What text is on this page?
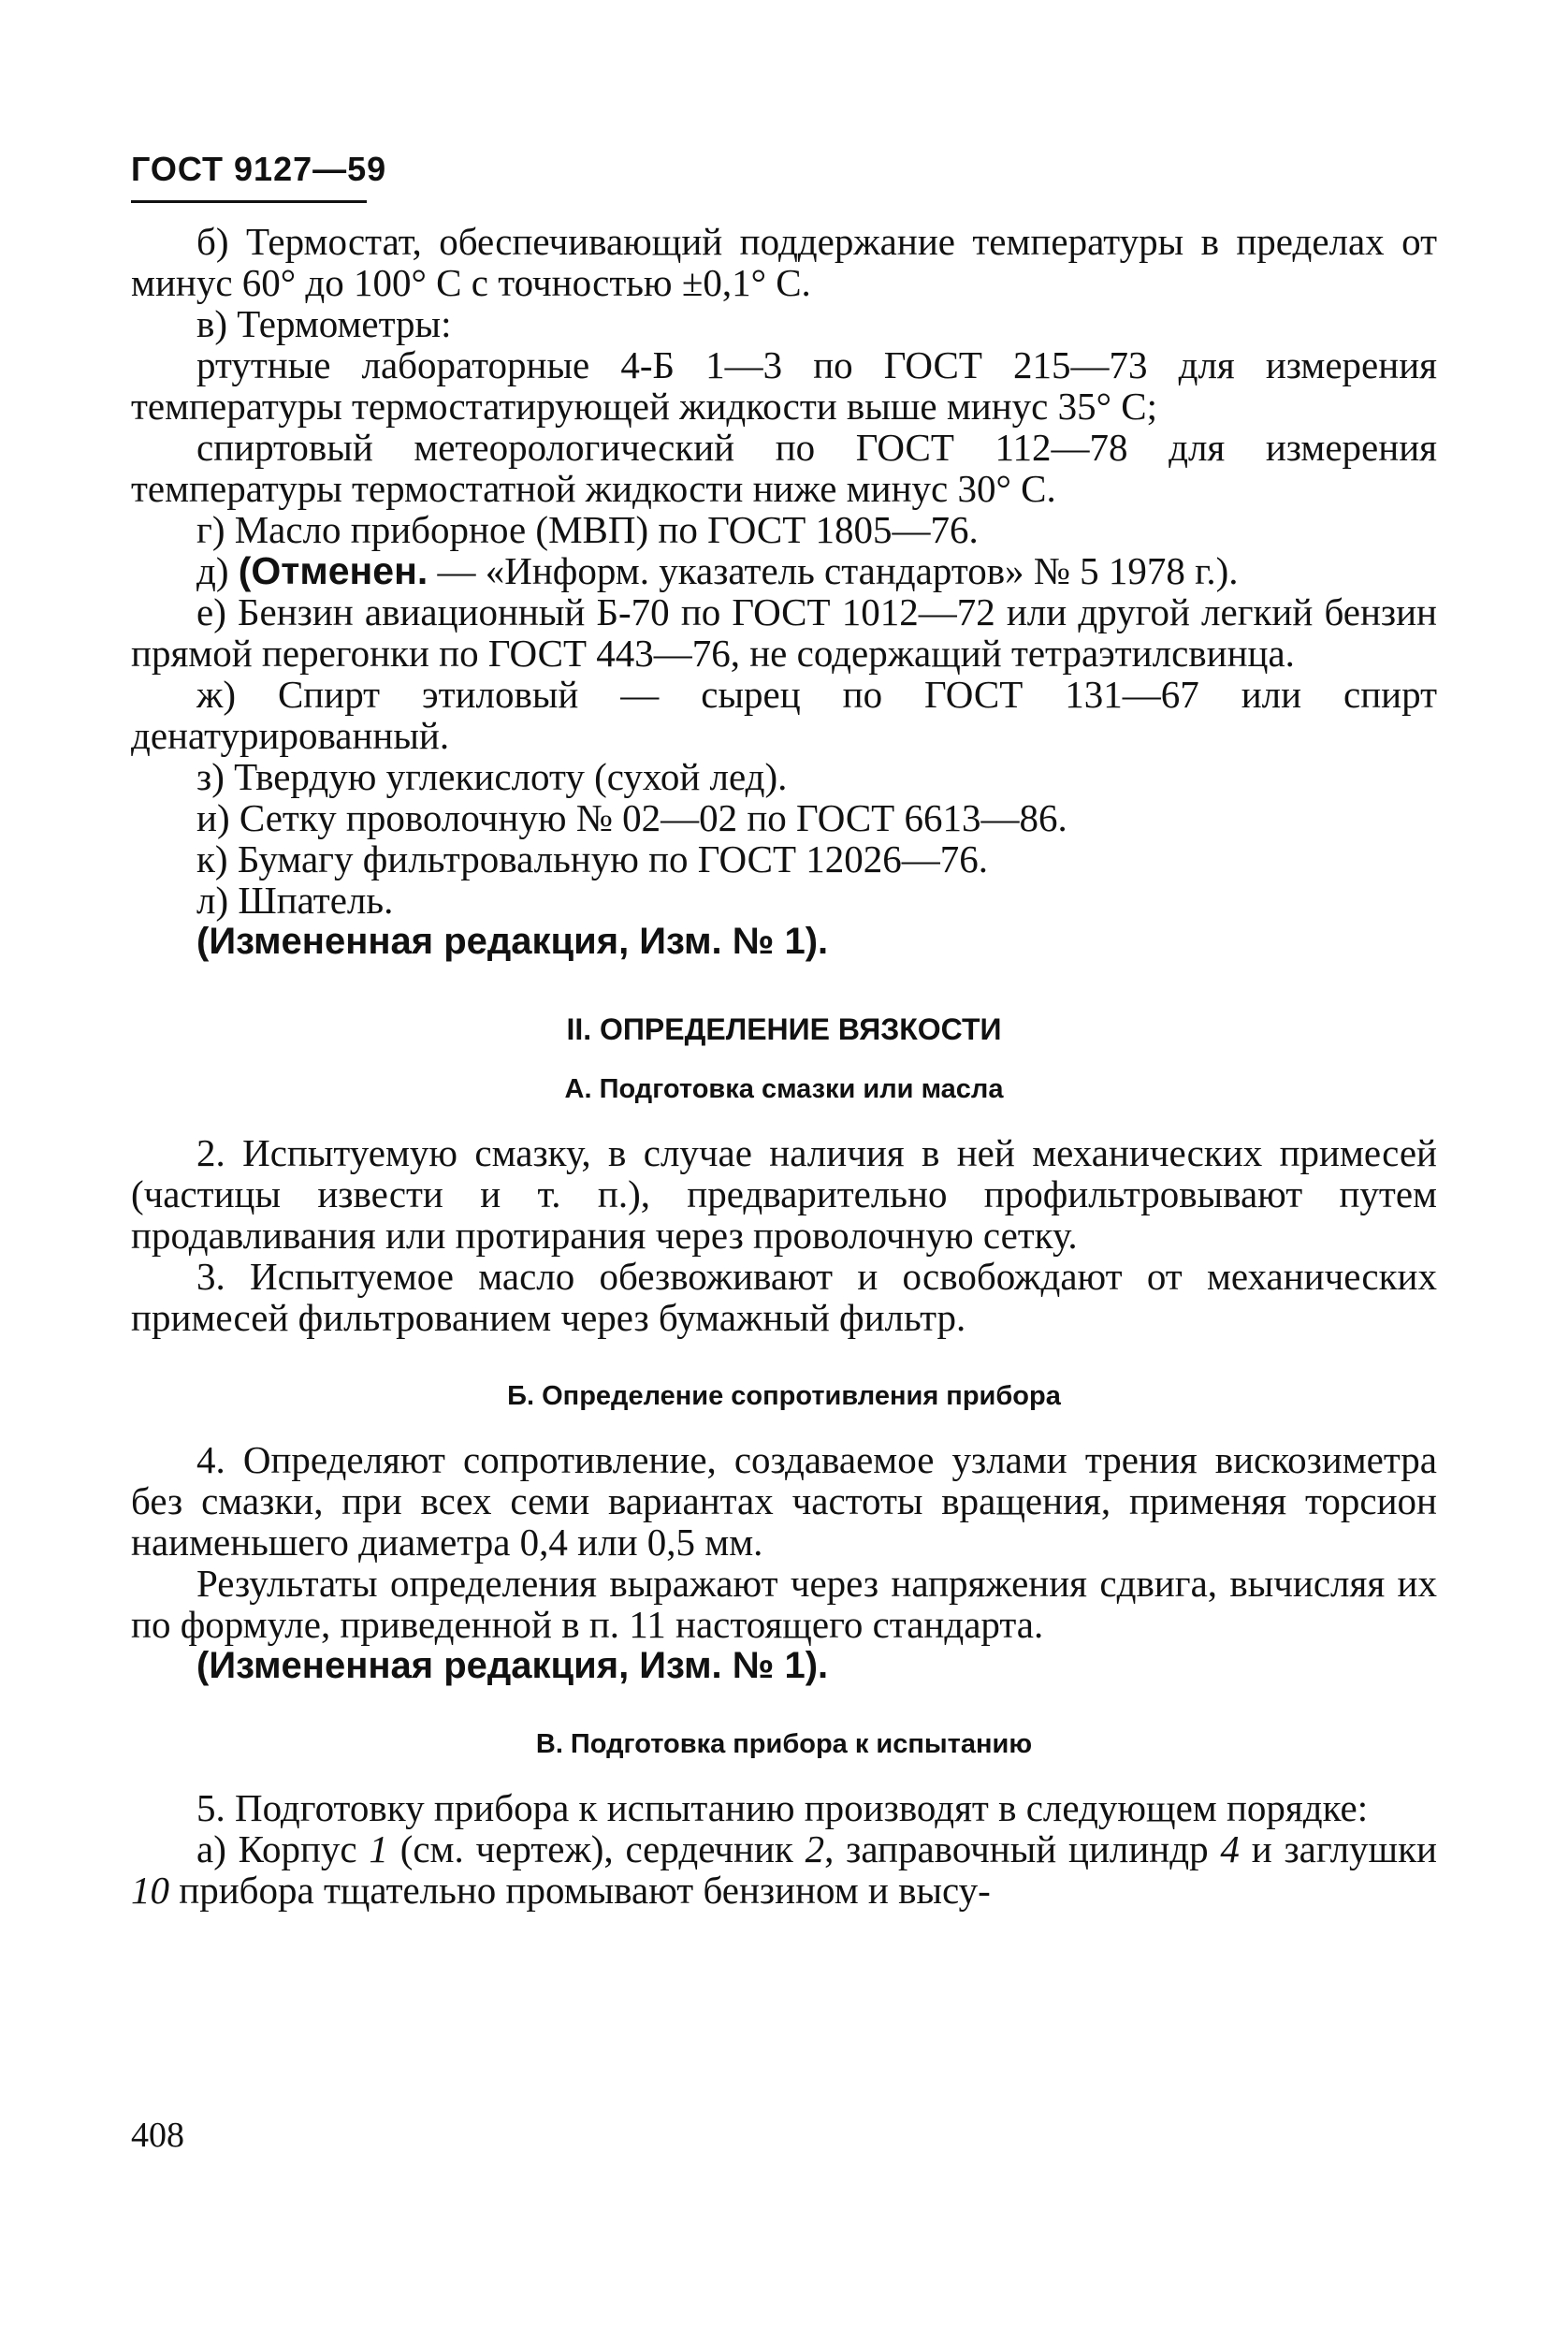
ГОСТ 9127—59

б) Термостат, обеспечивающий поддержание температуры в пределах от минус 60° до 100° С с точностью ±0,1° С.

в) Термометры:

ртутные лабораторные 4-Б 1—3 по ГОСТ 215—73 для измерения температуры термостатирующей жидкости выше минус 35° С;

спиртовый метеорологический по ГОСТ 112—78 для измерения температуры термостатной жидкости ниже минус 30° С.

г) Масло приборное (МВП) по ГОСТ 1805—76.

д) (Отменен. — «Информ. указатель стандартов» № 5 1978 г.).

е) Бензин авиационный Б-70 по ГОСТ 1012—72 или другой легкий бензин прямой перегонки по ГОСТ 443—76, не содержащий тетраэтилсвинца.

ж) Спирт этиловый — сырец по ГОСТ 131—67 или спирт денатурированный.

з) Твердую углекислоту (сухой лед).

и) Сетку проволочную № 02—02 по ГОСТ 6613—86.

к) Бумагу фильтровальную по ГОСТ 12026—76.

л) Шпатель.

(Измененная редакция, Изм. № 1).

II. ОПРЕДЕЛЕНИЕ ВЯЗКОСТИ

А. Подготовка смазки или масла

2. Испытуемую смазку, в случае наличия в ней механических примесей (частицы извести и т. п.), предварительно профильтровывают путем продавливания или протирания через проволочную сетку.

3. Испытуемое масло обезвоживают и освобождают от механических примесей фильтрованием через бумажный фильтр.

Б. Определение сопротивления прибора

4. Определяют сопротивление, создаваемое узлами трения вискозиметра без смазки, при всех семи вариантах частоты вращения, применяя торсион наименьшего диаметра 0,4 или 0,5 мм.

Результаты определения выражают через напряжения сдвига, вычисляя их по формуле, приведенной в п. 11 настоящего стандарта.

(Измененная редакция, Изм. № 1).

В. Подготовка прибора к испытанию

5. Подготовку прибора к испытанию производят в следующем порядке:

а) Корпус 1 (см. чертеж), сердечник 2, заправочный цилиндр 4 и заглушки 10 прибора тщательно промывают бензином и высу-

408
